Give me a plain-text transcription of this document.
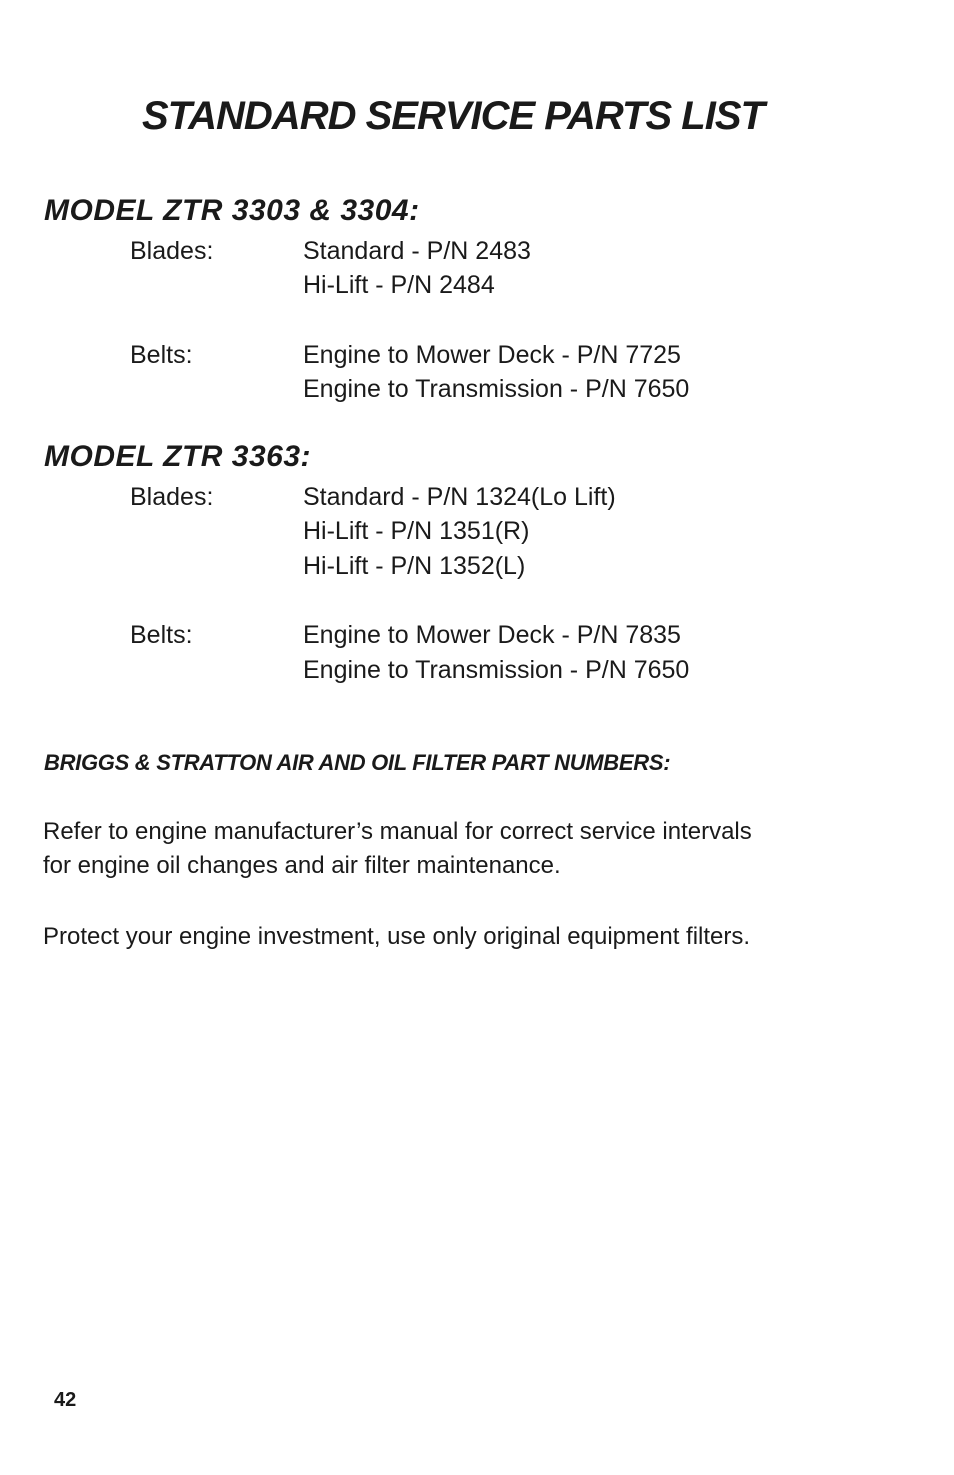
STANDARD SERVICE PARTS LIST
MODEL ZTR 3303 & 3304:
Blades:	Standard - P/N 2483
Hi-Lift - P/N 2484
Belts:	Engine to Mower Deck - P/N 7725
Engine to Transmission - P/N 7650
MODEL ZTR 3363:
Blades:	Standard - P/N 1324(Lo Lift)
Hi-Lift - P/N 1351(R)
Hi-Lift - P/N 1352(L)
Belts:	Engine to Mower Deck - P/N 7835
Engine to Transmission - P/N 7650
BRIGGS & STRATTON AIR AND OIL FILTER PART NUMBERS:
Refer to engine manufacturer’s manual for correct service intervals
for engine oil changes and air filter maintenance.
Protect your engine investment, use only original equipment filters.
42
